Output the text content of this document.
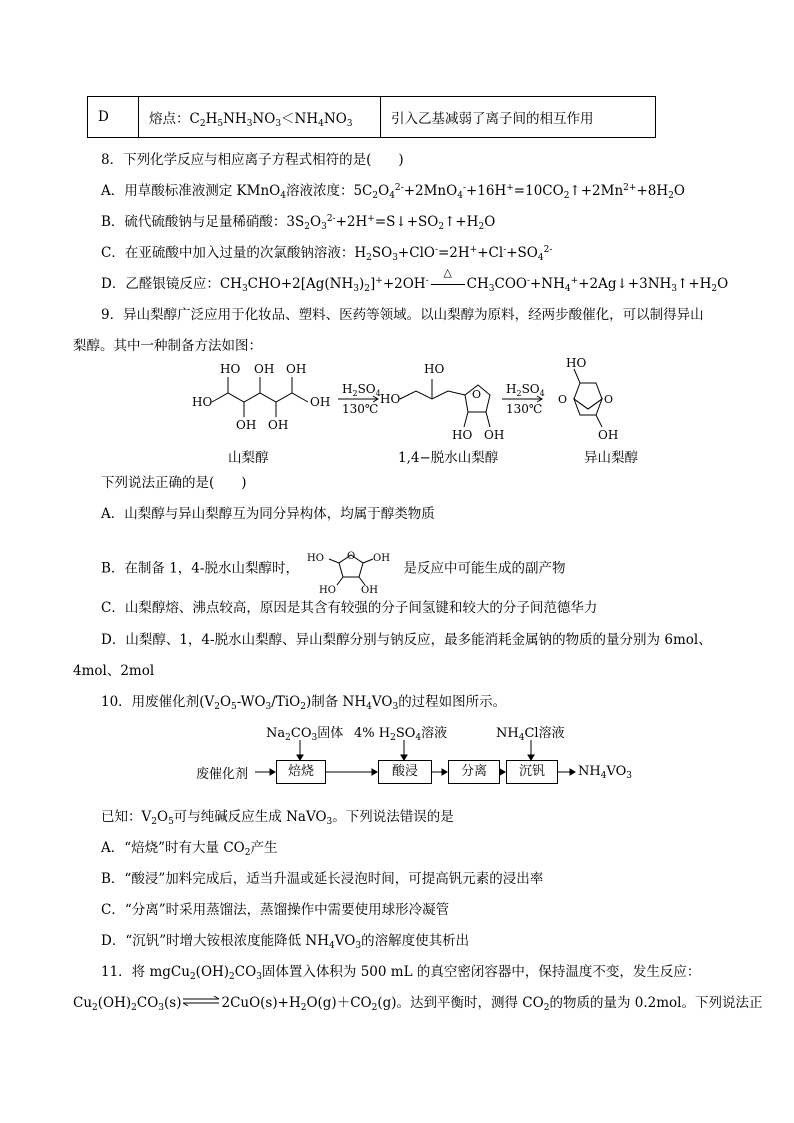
D	熔点：$C_2H_5NH_3NO_3<NH_4NO_3$	引入乙基减弱了离子间的相互作用
8．下列化学反应与相应离子方程式相符的是(　　)
A．用草酸标准液测定 KMnO$_4$溶液浓度：$5C_2O_4^{2-}+2MnO_4^-+16H^+=10CO_2↑+2Mn^{2+}+8H_2O$
B．硫代硫酸钠与足量稀硝酸：$3S_2O_3^{2-}+2H^+=S↓+SO_2↑+H_2O$
C．在亚硫酸中加入过量的次氯酸钠溶液：$H_2SO_3+ClO^-=2H^++Cl^-+SO_4^{2-}$
D．乙醛银镜反应：$CH_3CHO+2[Ag(NH_3)_2]^++2OH^-$
△
$CH_3COO^-+NH_4^++2Ag↓+3NH_3↑+H_2O$
9．异山梨醇广泛应用于化妆品、塑料、医药等领域。以山梨醇为原料，经两步酸催化，可以制得异山
梨醇。其中一种制备方法如图：
HO
HO
OH
OH
OH
OH
OH
$H_2SO_4$
130℃
HO
HO
O
HO OH
$H_2SO_4$
130℃
HO
O	O
OH
山梨醇	1,4−脱水山梨醇	异山梨醇
下列说法正确的是(　　)
A．山梨醇与异山梨醇互为同分异构体，均属于醇类物质
B．在制备 1，4-脱水山梨醇时，
O
HO	OH
HO	OH
是反应中可能生成的副产物
C．山梨醇熔、沸点较高，原因是其含有较强的分子间氢键和较大的分子间范德华力
D．山梨醇、1，4-脱水山梨醇、异山梨醇分别与钠反应，最多能消耗金属钠的物质的量分别为 6mol、
4mol、2mol
10．用废催化剂$(V_2O_5-WO_3/TiO_2)$制备 $NH_4VO_3$的过程如图所示。
$Na_2CO_3$固体 4% $H_2SO_4$溶液	$NH_4Cl$溶液
废催化剂	焙烧	酸浸	分离	沉钒	$NH_4VO_3$
已知：$V_2O_5$可与纯碱反应生成 NaVO$_3$。下列说法错误的是
A．“焙烧”时有大量 $CO_2$产生
B．“酸浸”加料完成后，适当升温或延长浸泡时间，可提高钒元素的浸出率
C．“分离”时采用蒸馏法，蒸馏操作中需要使用球形冷凝管
D．“沉钒”时增大铵根浓度能降低 $NH_4VO_3$的溶解度使其析出
11．将 $mgCu_2(OH)_2CO_3$固体置入体积为 500 mL 的真空密闭容器中，保持温度不变，发生反应：
$Cu_2(OH)_2CO_3(s)$	$2CuO(s)+H_2O(g)+CO_2(g)$。达到平衡时，测得 $CO_2$的物质的量为 0.2mol。下列说法正
